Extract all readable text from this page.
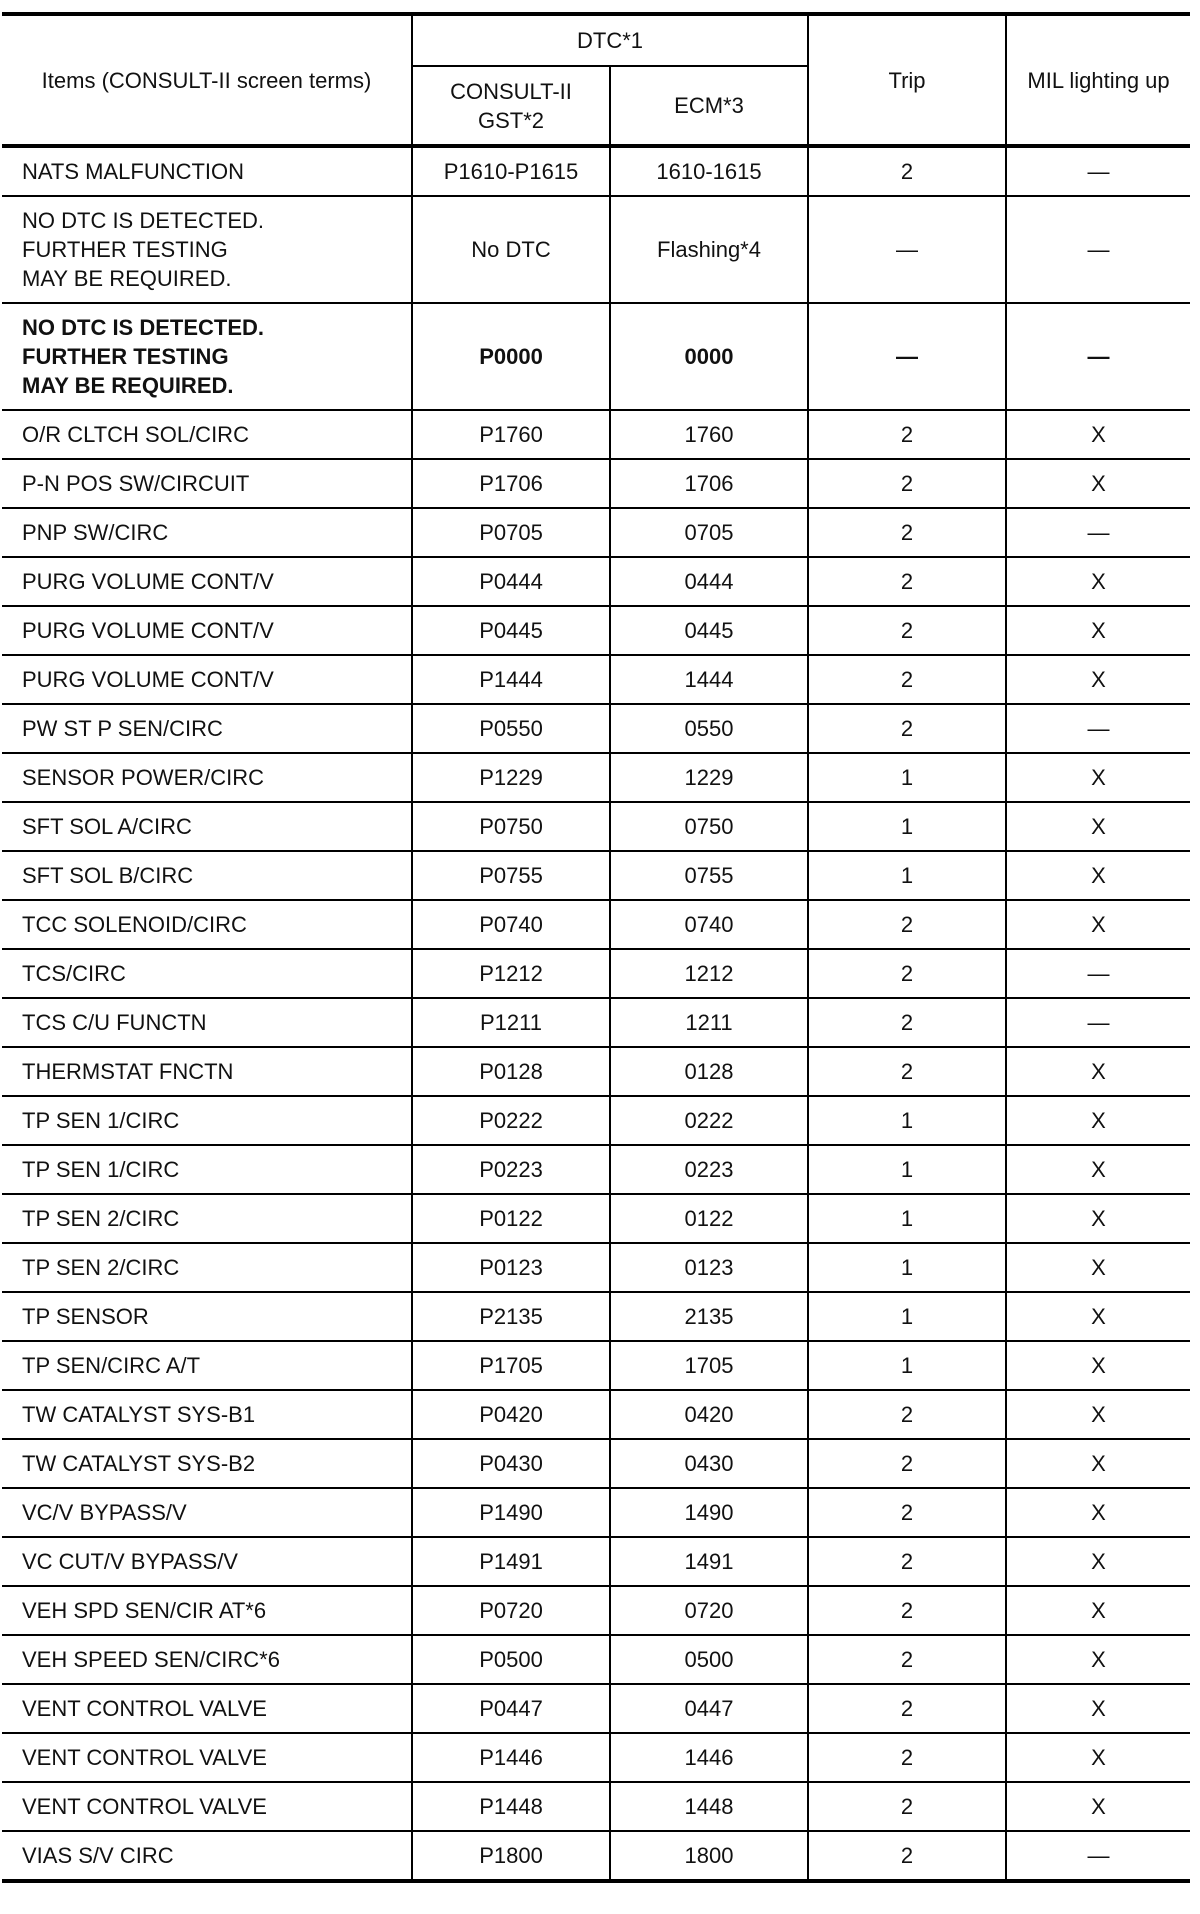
Items (CONSULT-II screen terms)	DTC*1		Trip	MIL lighting up

	CONSULT-II
GST*2	ECM*3		

NATS MALFUNCTION	P1610-P1615	1610-1615	2	—

NO DTC IS DETECTED.
FURTHER TESTING
MAY BE REQUIRED.	No DTC	Flashing*4	—	—

NO DTC IS DETECTED.
FURTHER TESTING
MAY BE REQUIRED.	P0000	0000	—	—

O/R CLTCH SOL/CIRC	P1760	1760	2	X

P-N POS SW/CIRCUIT	P1706	1706	2	X

PNP SW/CIRC	P0705	0705	2	—

PURG VOLUME CONT/V	P0444	0444	2	X

PURG VOLUME CONT/V	P0445	0445	2	X

PURG VOLUME CONT/V	P1444	1444	2	X

PW ST P SEN/CIRC	P0550	0550	2	—

SENSOR POWER/CIRC	P1229	1229	1	X

SFT SOL A/CIRC	P0750	0750	1	X

SFT SOL B/CIRC	P0755	0755	1	X

TCC SOLENOID/CIRC	P0740	0740	2	X

TCS/CIRC	P1212	1212	2	—

TCS C/U FUNCTN	P1211	1211	2	—

THERMSTAT FNCTN	P0128	0128	2	X

TP SEN 1/CIRC	P0222	0222	1	X

TP SEN 1/CIRC	P0223	0223	1	X

TP SEN 2/CIRC	P0122	0122	1	X

TP SEN 2/CIRC	P0123	0123	1	X

TP SENSOR	P2135	2135	1	X

TP SEN/CIRC A/T	P1705	1705	1	X

TW CATALYST SYS-B1	P0420	0420	2	X

TW CATALYST SYS-B2	P0430	0430	2	X

VC/V BYPASS/V	P1490	1490	2	X

VC CUT/V BYPASS/V	P1491	1491	2	X

VEH SPD SEN/CIR AT*6	P0720	0720	2	X

VEH SPEED SEN/CIRC*6	P0500	0500	2	X

VENT CONTROL VALVE	P0447	0447	2	X

VENT CONTROL VALVE	P1446	1446	2	X

VENT CONTROL VALVE	P1448	1448	2	X

VIAS S/V CIRC	P1800	1800	2	—
